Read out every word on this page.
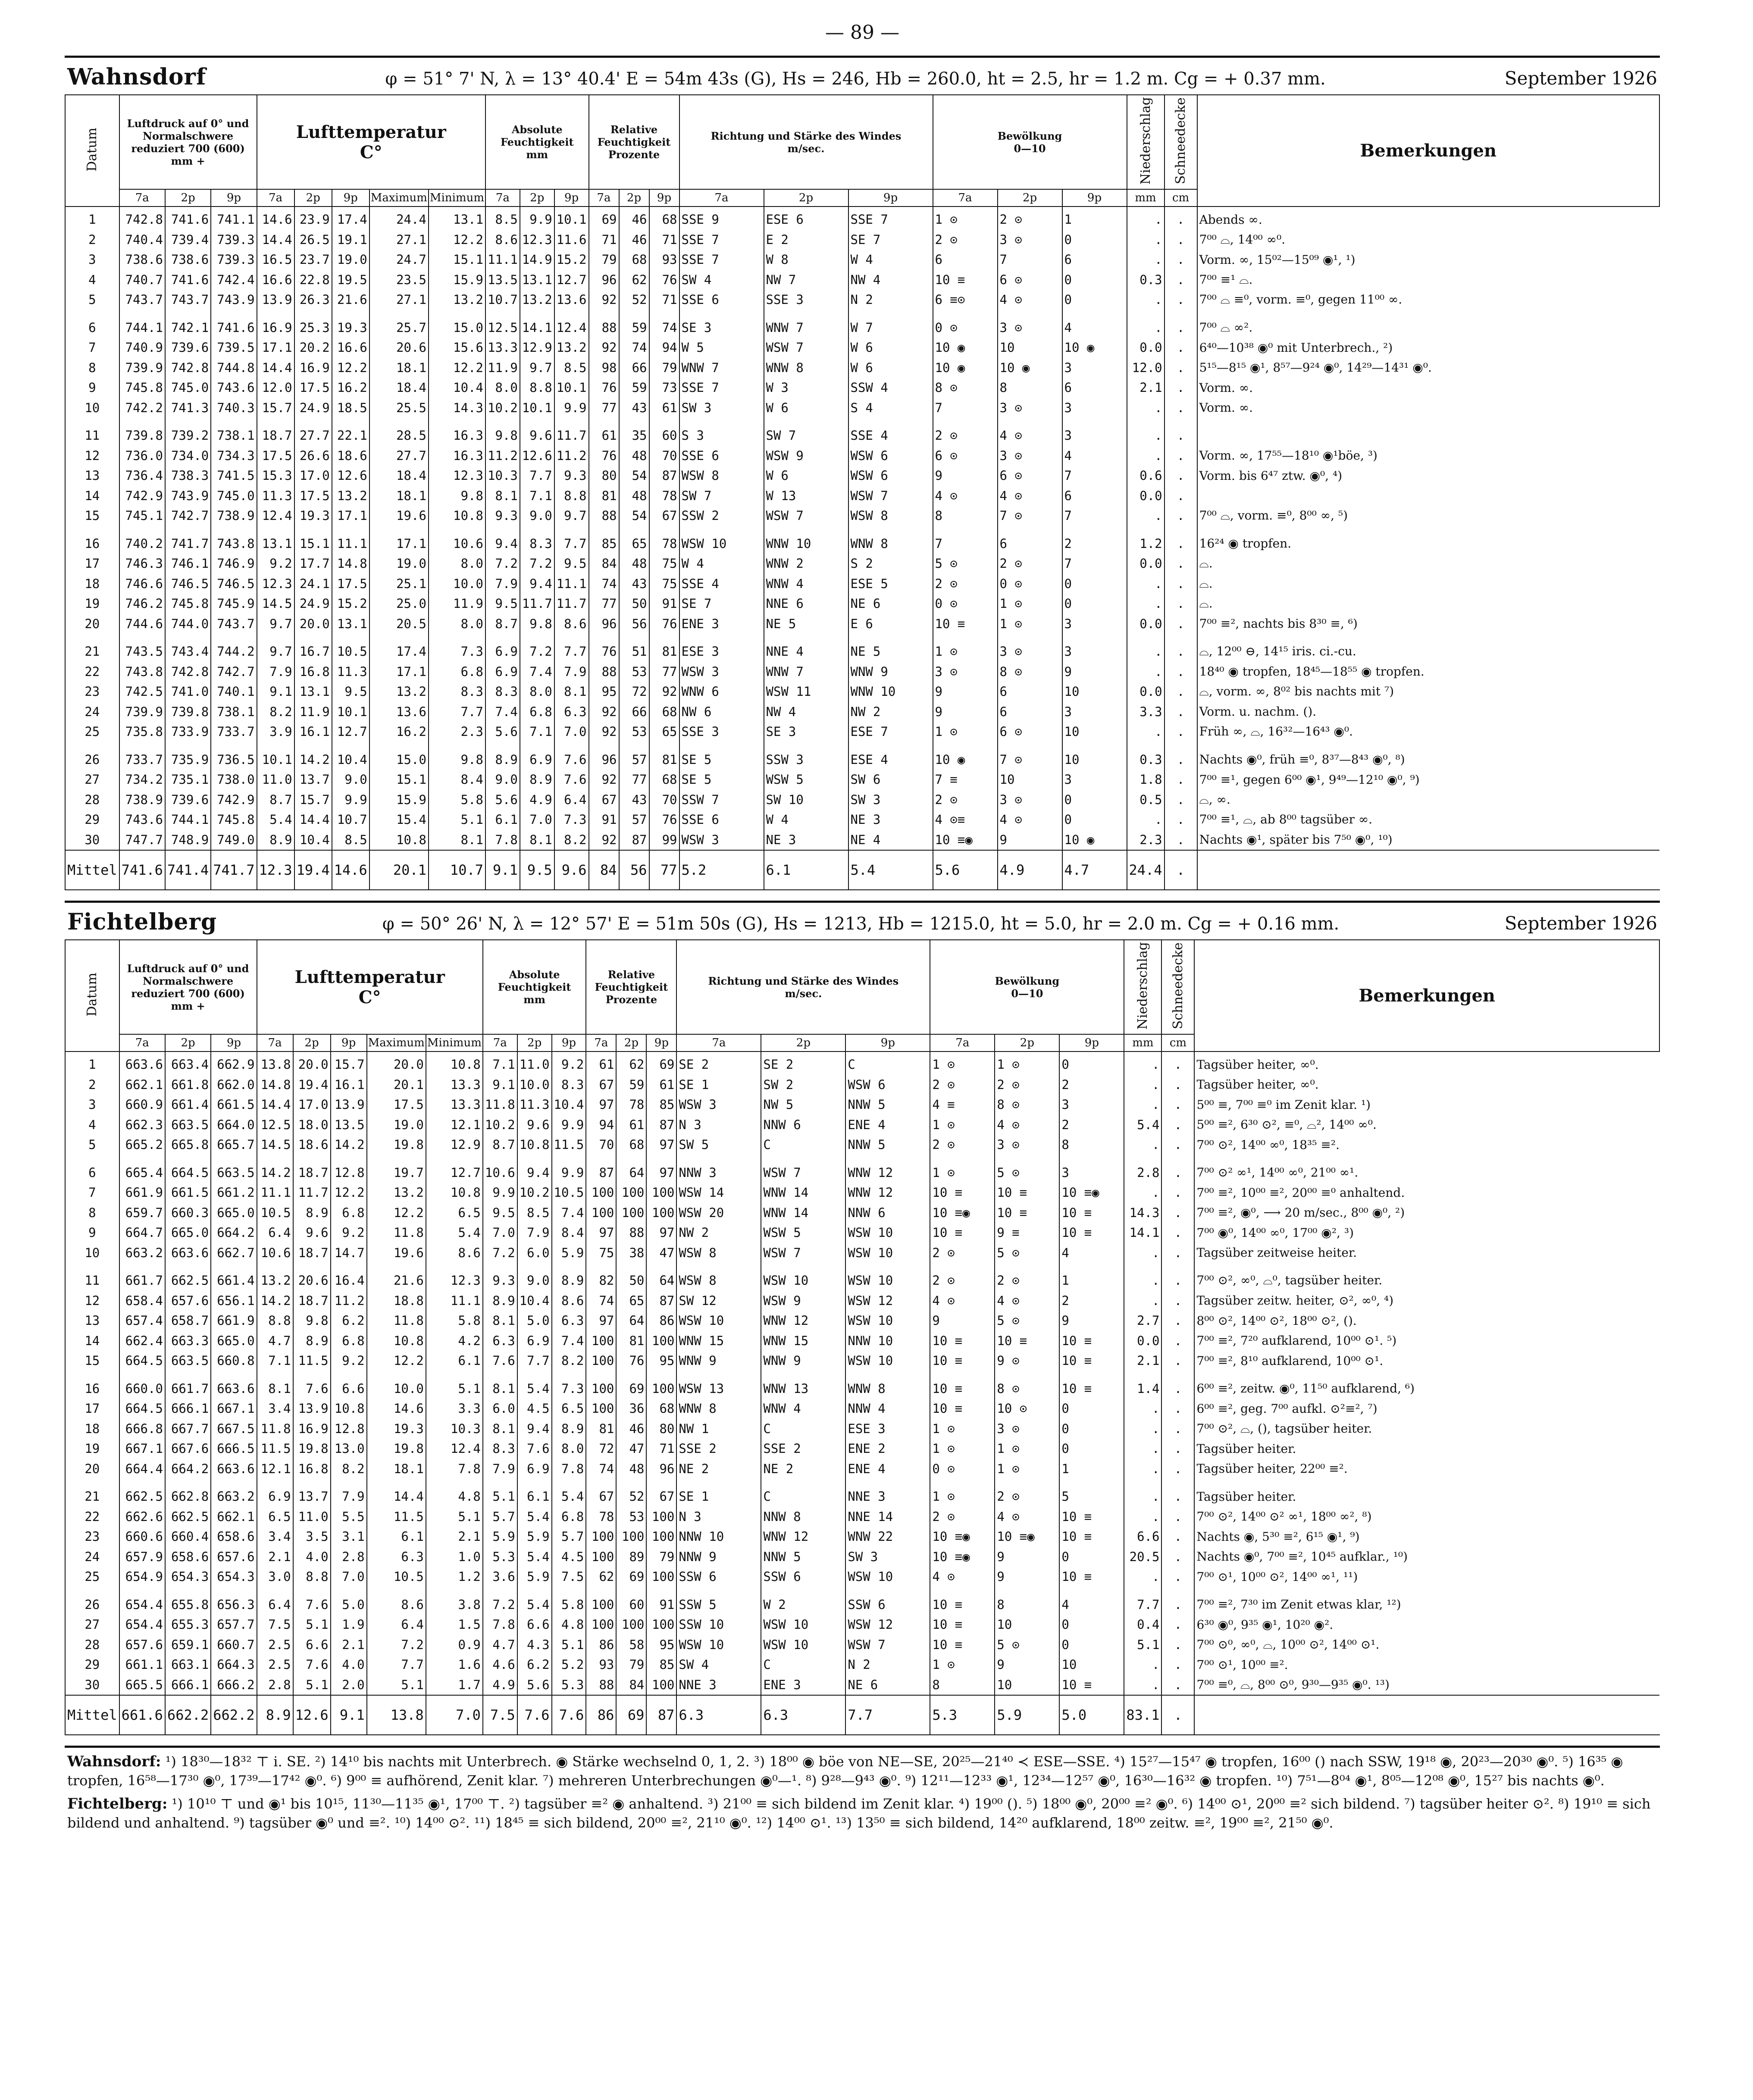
— 89 —
Wahnsdorf	φ = 51° 7' N, λ = 13° 40.4' E = 54m 43s (G), Hs = 246, Hb = 260.0, ht = 2.5, hr = 1.2 m. Cg = + 0.37 mm.	September 1926
Datum	Luftdruck auf 0° und Normalschwere reduziert 700 (600) mm +			Lufttemperatur
C°					Absolute Feuchtigkeit
mm			Relative Feuchtigkeit
Prozente			Richtung und Stärke des Windes
m/sec.			Bewölkung
0—10			Niederschlag	Schneedecke	Bemerkungen
	7a	2p	9p	7a	2p	9p	Maximum	Minimum	7a	2p	9p	7a	2p	9p	7a	2p	9p	7a	2p	9p	mm	cm	
1	742.8	741.6	741.1	14.6	23.9	17.4	24.4	13.1	8.5	9.9	10.1	69	46	68	SSE 9	ESE 6	SSE 7	1 ⊙	2 ⊙	1	.	.	Abends ∞.
2	740.4	739.4	739.3	14.4	26.5	19.1	27.1	12.2	8.6	12.3	11.6	71	46	71	SSE 7	E 2	SE 7	2 ⊙	3 ⊙	0	.	.	7⁰⁰ ⌓, 14⁰⁰ ∞⁰.
3	738.6	738.6	739.3	16.5	23.7	19.0	24.7	15.1	11.1	14.9	15.2	79	68	93	SSE 7	W 8	W 4	6	7	6	.	.	Vorm. ∞, 15⁰²—15⁰⁹ ◉¹, ¹)
4	740.7	741.6	742.4	16.6	22.8	19.5	23.5	15.9	13.5	13.1	12.7	96	62	76	SW 4	NW 7	NW 4	10 ≡	6 ⊙	0	0.3	.	7⁰⁰ ≡¹ ⌓.
5	743.7	743.7	743.9	13.9	26.3	21.6	27.1	13.2	10.7	13.2	13.6	92	52	71	SSE 6	SSE 3	N 2	6 ≡⊙	4 ⊙	0	.	.	7⁰⁰ ⌓ ≡⁰, vorm. ≡⁰, gegen 11⁰⁰ ∞.

6	744.1	742.1	741.6	16.9	25.3	19.3	25.7	15.0	12.5	14.1	12.4	88	59	74	SE 3	WNW 7	W 7	0 ⊙	3 ⊙	4	.	.	7⁰⁰ ⌓ ∞².
7	740.9	739.6	739.5	17.1	20.2	16.6	20.6	15.6	13.3	12.9	13.2	92	74	94	W 5	WSW 7	W 6	10 ◉	10	10 ◉	0.0	.	6⁴⁰—10³⁸ ◉⁰ mit Unterbrech., ²)
8	739.9	742.8	744.8	14.4	16.9	12.2	18.1	12.2	11.9	9.7	8.5	98	66	79	WNW 7	WNW 8	W 6	10 ◉	10 ◉	3	12.0	.	5¹⁵—8¹⁵ ◉¹, 8⁵⁷—9²⁴ ◉⁰, 14²⁹—14³¹ ◉⁰.
9	745.8	745.0	743.6	12.0	17.5	16.2	18.4	10.4	8.0	8.8	10.1	76	59	73	SSE 7	W 3	SSW 4	8 ⊙	8	6	2.1	.	Vorm. ∞.
10	742.2	741.3	740.3	15.7	24.9	18.5	25.5	14.3	10.2	10.1	9.9	77	43	61	SW 3	W 6	S 4	7	3 ⊙	3	.	.	Vorm. ∞.

11	739.8	739.2	738.1	18.7	27.7	22.1	28.5	16.3	9.8	9.6	11.7	61	35	60	S 3	SW 7	SSE 4	2 ⊙	4 ⊙	3	.	.	
12	736.0	734.0	734.3	17.5	26.6	18.6	27.7	16.3	11.2	12.6	11.2	76	48	70	SSE 6	WSW 9	WSW 6	6 ⊙	3 ⊙	4	.	.	Vorm. ∞, 17⁵⁵—18¹⁰ ◉¹böe, ³)
13	736.4	738.3	741.5	15.3	17.0	12.6	18.4	12.3	10.3	7.7	9.3	80	54	87	WSW 8	W 6	WSW 6	9	6 ⊙	7	0.6	.	Vorm. bis 6⁴⁷ ztw. ◉⁰, ⁴)
14	742.9	743.9	745.0	11.3	17.5	13.2	18.1	9.8	8.1	7.1	8.8	81	48	78	SW 7	W 13	WSW 7	4 ⊙	4 ⊙	6	0.0	.	
15	745.1	742.7	738.9	12.4	19.3	17.1	19.6	10.8	9.3	9.0	9.7	88	54	67	SSW 2	WSW 7	WSW 8	8	7 ⊙	7	.	.	7⁰⁰ ⌓, vorm. ≡⁰, 8⁰⁰ ∞, ⁵)

16	740.2	741.7	743.8	13.1	15.1	11.1	17.1	10.6	9.4	8.3	7.7	85	65	78	WSW 10	WNW 10	WNW 8	7	6	2	1.2	.	16²⁴ ◉ tropfen.
17	746.3	746.1	746.9	9.2	17.7	14.8	19.0	8.0	7.2	7.2	9.5	84	48	75	W 4	WNW 2	S 2	5 ⊙	2 ⊙	7	0.0	.	⌓.
18	746.6	746.5	746.5	12.3	24.1	17.5	25.1	10.0	7.9	9.4	11.1	74	43	75	SSE 4	WNW 4	ESE 5	2 ⊙	0 ⊙	0	.	.	⌓.
19	746.2	745.8	745.9	14.5	24.9	15.2	25.0	11.9	9.5	11.7	11.7	77	50	91	SE 7	NNE 6	NE 6	0 ⊙	1 ⊙	0	.	.	⌓.
20	744.6	744.0	743.7	9.7	20.0	13.1	20.5	8.0	8.7	9.8	8.6	96	56	76	ENE 3	NE 5	E 6	10 ≡	1 ⊙	3	0.0	.	7⁰⁰ ≡², nachts bis 8³⁰ ≡, ⁶)

21	743.5	743.4	744.2	9.7	16.7	10.5	17.4	7.3	6.9	7.2	7.7	76	51	81	ESE 3	NNE 4	NE 5	1 ⊙	3 ⊙	3	.	.	⌓, 12⁰⁰ ⊖, 14¹⁵ iris. ci.-cu.
22	743.8	742.8	742.7	7.9	16.8	11.3	17.1	6.8	6.9	7.4	7.9	88	53	77	WSW 3	WNW 7	WNW 9	3 ⊙	8 ⊙	9	.	.	18⁴⁰ ◉ tropfen, 18⁴⁵—18⁵⁵ ◉ tropfen.
23	742.5	741.0	740.1	9.1	13.1	9.5	13.2	8.3	8.3	8.0	8.1	95	72	92	WNW 6	WSW 11	WNW 10	9	6	10	0.0	.	⌓, vorm. ∞, 8⁰² bis nachts mit ⁷)
24	739.9	739.8	738.1	8.2	11.9	10.1	13.6	7.7	7.4	6.8	6.3	92	66	68	NW 6	NW 4	NW 2	9	6	3	3.3	.	Vorm. u. nachm. ().
25	735.8	733.9	733.7	3.9	16.1	12.7	16.2	2.3	5.6	7.1	7.0	92	53	65	SSE 3	SE 3	ESE 7	1 ⊙	6 ⊙	10	.	.	Früh ∞, ⌓, 16³²—16⁴³ ◉⁰.

26	733.7	735.9	736.5	10.1	14.2	10.4	15.0	9.8	8.9	6.9	7.6	96	57	81	SE 5	SSW 3	ESE 4	10 ◉	7 ⊙	10	0.3	.	Nachts ◉⁰, früh ≡⁰, 8³⁷—8⁴³ ◉⁰, ⁸)
27	734.2	735.1	738.0	11.0	13.7	9.0	15.1	8.4	9.0	8.9	7.6	92	77	68	SE 5	WSW 5	SW 6	7 ≡	10	3	1.8	.	7⁰⁰ ≡¹, gegen 6⁰⁰ ◉¹, 9⁴⁹—12¹⁰ ◉⁰, ⁹)
28	738.9	739.6	742.9	8.7	15.7	9.9	15.9	5.8	5.6	4.9	6.4	67	43	70	SSW 7	SW 10	SW 3	2 ⊙	3 ⊙	0	0.5	.	⌓, ∞.
29	743.6	744.1	745.8	5.4	14.4	10.7	15.4	5.1	6.1	7.0	7.3	91	57	76	SSE 6	W 4	NE 3	4 ⊙≡	4 ⊙	0	.	.	7⁰⁰ ≡¹, ⌓, ab 8⁰⁰ tagsüber ∞.
30	747.7	748.9	749.0	8.9	10.4	8.5	10.8	8.1	7.8	8.1	8.2	92	87	99	WSW 3	NE 3	NE 4	10 ≡◉	9	10 ◉	2.3	.	Nachts ◉¹, später bis 7⁵⁰ ◉⁰, ¹⁰)
Mittel	741.6	741.4	741.7	12.3	19.4	14.6	20.1	10.7	9.1	9.5	9.6	84	56	77	5.2	6.1	5.4	5.6	4.9	4.7	24.4	.	
Fichtelberg	φ = 50° 26' N, λ = 12° 57' E = 51m 50s (G), Hs = 1213, Hb = 1215.0, ht = 5.0, hr = 2.0 m. Cg = + 0.16 mm.	September 1926
Datum	Luftdruck auf 0° und Normalschwere reduziert 700 (600) mm +			Lufttemperatur
C°					Absolute Feuchtigkeit
mm			Relative Feuchtigkeit
Prozente			Richtung und Stärke des Windes
m/sec.			Bewölkung
0—10			Niederschlag	Schneedecke	Bemerkungen
	7a	2p	9p	7a	2p	9p	Maximum	Minimum	7a	2p	9p	7a	2p	9p	7a	2p	9p	7a	2p	9p	mm	cm	
1	663.6	663.4	662.9	13.8	20.0	15.7	20.0	10.8	7.1	11.0	9.2	61	62	69	SE 2	SE 2	C	1 ⊙	1 ⊙	0	.	.	Tagsüber heiter, ∞⁰.
2	662.1	661.8	662.0	14.8	19.4	16.1	20.1	13.3	9.1	10.0	8.3	67	59	61	SE 1	SW 2	WSW 6	2 ⊙	2 ⊙	2	.	.	Tagsüber heiter, ∞⁰.
3	660.9	661.4	661.5	14.4	17.0	13.9	17.5	13.3	11.8	11.3	10.4	97	78	85	WSW 3	NW 5	NNW 5	4 ≡	8 ⊙	3	.	.	5⁰⁰ ≡, 7⁰⁰ ≡⁰ im Zenit klar. ¹)
4	662.3	663.5	664.0	12.5	18.0	13.5	19.0	12.1	10.2	9.6	9.9	94	61	87	N 3	NNW 6	ENE 4	1 ⊙	4 ⊙	2	5.4	.	5⁰⁰ ≡², 6³⁰ ⊙², ≡⁰, ⌓², 14⁰⁰ ∞⁰.
5	665.2	665.8	665.7	14.5	18.6	14.2	19.8	12.9	8.7	10.8	11.5	70	68	97	SW 5	C	NNW 5	2 ⊙	3 ⊙	8	.	.	7⁰⁰ ⊙², 14⁰⁰ ∞⁰, 18³⁵ ≡².

6	665.4	664.5	663.5	14.2	18.7	12.8	19.7	12.7	10.6	9.4	9.9	87	64	97	NNW 3	WSW 7	WNW 12	1 ⊙	5 ⊙	3	2.8	.	7⁰⁰ ⊙² ∞¹, 14⁰⁰ ∞⁰, 21⁰⁰ ∞¹.
7	661.9	661.5	661.2	11.1	11.7	12.2	13.2	10.8	9.9	10.2	10.5	100	100	100	WSW 14	WNW 14	WNW 12	10 ≡	10 ≡	10 ≡◉	.	.	7⁰⁰ ≡², 10⁰⁰ ≡², 20⁰⁰ ≡⁰ anhaltend.
8	659.7	660.3	665.0	10.5	8.9	6.8	12.2	6.5	9.5	8.5	7.4	100	100	100	WSW 20	WNW 14	NNW 6	10 ≡◉	10 ≡	10 ≡	14.3	.	7⁰⁰ ≡², ◉⁰, ⟶ 20 m/sec., 8⁰⁰ ◉⁰, ²)
9	664.7	665.0	664.2	6.4	9.6	9.2	11.8	5.4	7.0	7.9	8.4	97	88	97	NW 2	WSW 5	WSW 10	10 ≡	9 ≡	10 ≡	14.1	.	7⁰⁰ ◉⁰, 14⁰⁰ ∞⁰, 17⁰⁰ ◉², ³)
10	663.2	663.6	662.7	10.6	18.7	14.7	19.6	8.6	7.2	6.0	5.9	75	38	47	WSW 8	WSW 7	WSW 10	2 ⊙	5 ⊙	4	.	.	Tagsüber zeitweise heiter.

11	661.7	662.5	661.4	13.2	20.6	16.4	21.6	12.3	9.3	9.0	8.9	82	50	64	WSW 8	WSW 10	WSW 10	2 ⊙	2 ⊙	1	.	.	7⁰⁰ ⊙², ∞⁰, ⌓⁰, tagsüber heiter.
12	658.4	657.6	656.1	14.2	18.7	11.2	18.8	11.1	8.9	10.4	8.6	74	65	87	SW 12	WSW 9	WSW 12	4 ⊙	4 ⊙	2	.	.	Tagsüber zeitw. heiter, ⊙², ∞⁰, ⁴)
13	657.4	658.7	661.9	8.8	9.8	6.2	11.8	5.8	8.1	5.0	6.3	97	64	86	WSW 10	WNW 12	WSW 10	9	5 ⊙	9	2.7	.	8⁰⁰ ⊙², 14⁰⁰ ⊙², 18⁰⁰ ⊙², ().
14	662.4	663.3	665.0	4.7	8.9	6.8	10.8	4.2	6.3	6.9	7.4	100	81	100	WNW 15	WNW 15	NNW 10	10 ≡	10 ≡	10 ≡	0.0	.	7⁰⁰ ≡², 7²⁰ aufklarend, 10⁰⁰ ⊙¹. ⁵)
15	664.5	663.5	660.8	7.1	11.5	9.2	12.2	6.1	7.6	7.7	8.2	100	76	95	WNW 9	WNW 9	WSW 10	10 ≡	9 ⊙	10 ≡	2.1	.	7⁰⁰ ≡², 8¹⁰ aufklarend, 10⁰⁰ ⊙¹.

16	660.0	661.7	663.6	8.1	7.6	6.6	10.0	5.1	8.1	5.4	7.3	100	69	100	WSW 13	WNW 13	WNW 8	10 ≡	8 ⊙	10 ≡	1.4	.	6⁰⁰ ≡², zeitw. ◉⁰, 11⁵⁰ aufklarend, ⁶)
17	664.5	666.1	667.1	3.4	13.9	10.8	14.6	3.3	6.0	4.5	6.5	100	36	68	WNW 8	WNW 4	NNW 4	10 ≡	10 ⊙	0	.	.	6⁰⁰ ≡², geg. 7⁰⁰ aufkl. ⊙²≡², ⁷)
18	666.8	667.7	667.5	11.8	16.9	12.8	19.3	10.3	8.1	9.4	8.9	81	46	80	NW 1	C	ESE 3	1 ⊙	3 ⊙	0	.	.	7⁰⁰ ⊙², ⌓, (), tagsüber heiter.
19	667.1	667.6	666.5	11.5	19.8	13.0	19.8	12.4	8.3	7.6	8.0	72	47	71	SSE 2	SSE 2	ENE 2	1 ⊙	1 ⊙	0	.	.	Tagsüber heiter.
20	664.4	664.2	663.6	12.1	16.8	8.2	18.1	7.8	7.9	6.9	7.8	74	48	96	NE 2	NE 2	ENE 4	0 ⊙	1 ⊙	1	.	.	Tagsüber heiter, 22⁰⁰ ≡².

21	662.5	662.8	663.2	6.9	13.7	7.9	14.4	4.8	5.1	6.1	5.4	67	52	67	SE 1	C	NNE 3	1 ⊙	2 ⊙	5	.	.	Tagsüber heiter.
22	662.6	662.5	662.1	6.5	11.0	5.5	11.5	5.1	5.7	5.4	6.8	78	53	100	N 3	NNW 8	NNE 14	2 ⊙	4 ⊙	10 ≡	.	.	7⁰⁰ ⊙², 14⁰⁰ ⊙² ∞¹, 18⁰⁰ ∞², ⁸)
23	660.6	660.4	658.6	3.4	3.5	3.1	6.1	2.1	5.9	5.9	5.7	100	100	100	NNW 10	WNW 12	WNW 22	10 ≡◉	10 ≡◉	10 ≡	6.6	.	Nachts ◉, 5³⁰ ≡², 6¹⁵ ◉¹, ⁹)
24	657.9	658.6	657.6	2.1	4.0	2.8	6.3	1.0	5.3	5.4	4.5	100	89	79	NNW 9	NNW 5	SW 3	10 ≡◉	9	0	20.5	.	Nachts ◉⁰, 7⁰⁰ ≡², 10⁴⁵ aufklar., ¹⁰)
25	654.9	654.3	654.3	3.0	8.8	7.0	10.5	1.2	3.6	5.9	7.5	62	69	100	SSW 6	SSW 6	WSW 10	4 ⊙	9	10 ≡	.	.	7⁰⁰ ⊙¹, 10⁰⁰ ⊙², 14⁰⁰ ∞¹, ¹¹)

26	654.4	655.8	656.3	6.4	7.6	5.0	8.6	3.8	7.2	5.4	5.8	100	60	91	SSW 5	W 2	SSW 6	10 ≡	8	4	7.7	.	7⁰⁰ ≡², 7³⁰ im Zenit etwas klar, ¹²)
27	654.4	655.3	657.7	7.5	5.1	1.9	6.4	1.5	7.8	6.6	4.8	100	100	100	SSW 10	WSW 10	WSW 12	10 ≡	10	0	0.4	.	6³⁰ ◉⁰, 9³⁵ ◉¹, 10²⁰ ◉².
28	657.6	659.1	660.7	2.5	6.6	2.1	7.2	0.9	4.7	4.3	5.1	86	58	95	WSW 10	WSW 10	WSW 7	10 ≡	5 ⊙	0	5.1	.	7⁰⁰ ⊙⁰, ∞⁰, ⌓, 10⁰⁰ ⊙², 14⁰⁰ ⊙¹.
29	661.1	663.1	664.3	2.5	7.6	4.0	7.7	1.6	4.6	6.2	5.2	93	79	85	SW 4	C	N 2	1 ⊙	9	10	.	.	7⁰⁰ ⊙¹, 10⁰⁰ ≡².
30	665.5	666.1	666.2	2.8	5.1	2.0	5.1	1.7	4.9	5.6	5.3	88	84	100	NNE 3	ENE 3	NE 6	8	10	10 ≡	.	.	7⁰⁰ ≡⁰, ⌓, 8⁰⁰ ⊙⁰, 9³⁰—9³⁵ ◉⁰. ¹³)
Mittel	661.6	662.2	662.2	8.9	12.6	9.1	13.8	7.0	7.5	7.6	7.6	86	69	87	6.3	6.3	7.7	5.3	5.9	5.0	83.1	.	
Wahnsdorf: ¹) 18³⁰—18³² ⊤ i. SE. ²) 14¹⁰ bis nachts mit Unterbrech. ◉ Stärke wechselnd 0, 1, 2. ³) 18⁰⁰ ◉ böe von NE—SE, 20²⁵—21⁴⁰ ≺ ESE—SSE. ⁴) 15²⁷—15⁴⁷ ◉ tropfen, 16⁰⁰ () nach SSW, 19¹⁸ ◉, 20²³—20³⁰ ◉⁰. ⁵) 16³⁵ ◉ tropfen, 16⁵⁸—17³⁰ ◉⁰, 17³⁹—17⁴² ◉⁰. ⁶) 9⁰⁰ ≡ aufhörend, Zenit klar. ⁷) mehreren Unterbrechungen ◉⁰—¹. ⁸) 9²⁸—9⁴³ ◉⁰. ⁹) 12¹¹—12³³ ◉¹, 12³⁴—12⁵⁷ ◉⁰, 16³⁰—16³² ◉ tropfen. ¹⁰) 7⁵¹—8⁰⁴ ◉¹, 8⁰⁵—12⁰⁸ ◉⁰, 15²⁷ bis nachts ◉⁰.
Fichtelberg: ¹) 10¹⁰ ⊤ und ◉¹ bis 10¹⁵, 11³⁰—11³⁵ ◉¹, 17⁰⁰ ⊤. ²) tagsüber ≡² ◉ anhaltend. ³) 21⁰⁰ ≡ sich bildend im Zenit klar. ⁴) 19⁰⁰ (). ⁵) 18⁰⁰ ◉⁰, 20⁰⁰ ≡² ◉⁰. ⁶) 14⁰⁰ ⊙¹, 20⁰⁰ ≡² sich bildend. ⁷) tagsüber heiter ⊙². ⁸) 19¹⁰ ≡ sich bildend und anhaltend. ⁹) tagsüber ◉⁰ und ≡². ¹⁰) 14⁰⁰ ⊙². ¹¹) 18⁴⁵ ≡ sich bildend, 20⁰⁰ ≡², 21¹⁰ ◉⁰. ¹²) 14⁰⁰ ⊙¹. ¹³) 13⁵⁰ ≡ sich bildend, 14²⁰ aufklarend, 18⁰⁰ zeitw. ≡², 19⁰⁰ ≡², 21⁵⁰ ◉⁰.
